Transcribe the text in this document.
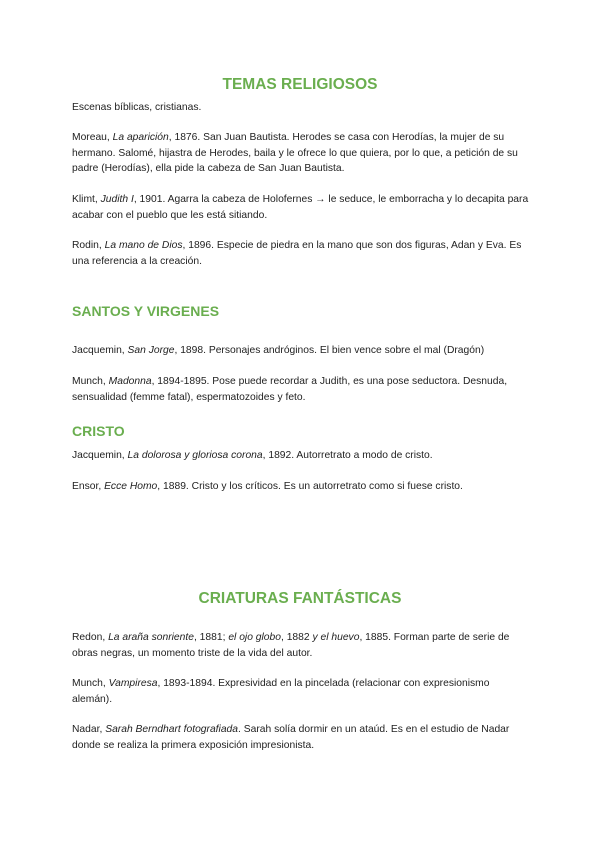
TEMAS RELIGIOSOS

Escenas bíblicas, cristianas.

Moreau, La aparición, 1876. San Juan Bautista. Herodes se casa con Herodías, la mujer de su hermano. Salomé, hijastra de Herodes, baila y le ofrece lo que quiera, por lo que, a petición de su padre (Herodías), ella pide la cabeza de San Juan Bautista.

Klimt, Judith I, 1901. Agarra la cabeza de Holofernes → le seduce, le emborracha y lo decapita para acabar con el pueblo que les está sitiando.

Rodin, La mano de Dios, 1896. Especie de piedra en la mano que son dos figuras, Adan y Eva. Es una referencia a la creación.

SANTOS Y VIRGENES

Jacquemin, San Jorge, 1898. Personajes andróginos. El bien vence sobre el mal (Dragón)

Munch, Madonna, 1894-1895. Pose puede recordar a Judith, es una pose seductora. Desnuda, sensualidad (femme fatal), espermatozoides y feto.

CRISTO

Jacquemin, La dolorosa y gloriosa corona, 1892. Autorretrato a modo de cristo.

Ensor, Ecce Homo, 1889. Cristo y los críticos. Es un autorretrato como si fuese cristo.

CRIATURAS FANTÁSTICAS

Redon, La araña sonriente, 1881; el ojo globo, 1882 y el huevo, 1885. Forman parte de serie de obras negras, un momento triste de la vida del autor.

Munch, Vampiresa, 1893-1894. Expresividad en la pincelada (relacionar con expresionismo alemán).

Nadar, Sarah Berndhart fotografiada. Sarah solía dormir en un ataúd. Es en el estudio de Nadar donde se realiza la primera exposición impresionista.
